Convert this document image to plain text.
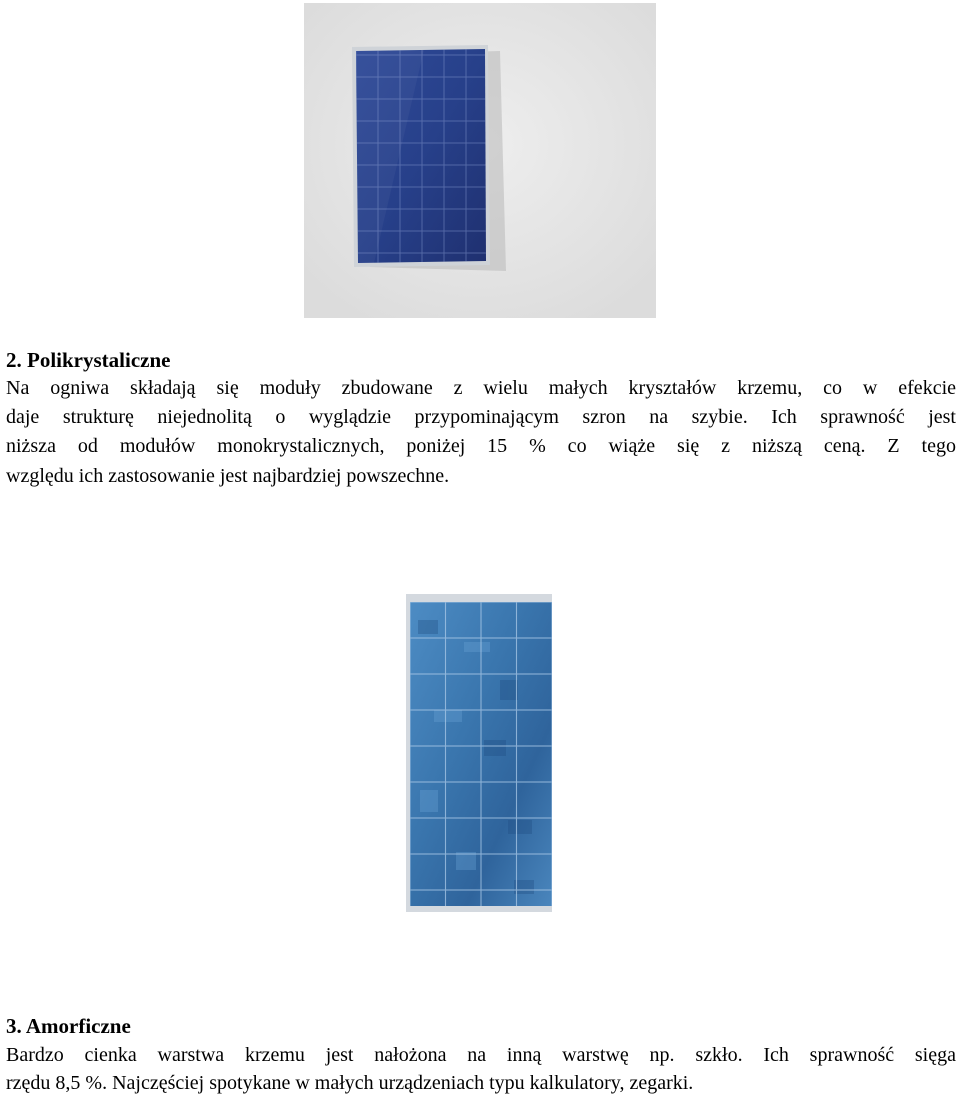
2. Polikrystaliczne

Na ogniwa składają się moduły zbudowane z wielu małych kryształów krzemu, co w efekcie
daje strukturę niejednolitą o wyglądzie przypominającym szron na szybie. Ich sprawność jest
niższa od modułów monokrystalicznych, poniżej 15 % co wiąże się z niższą ceną. Z tego
względu ich zastosowanie jest najbardziej powszechne.

3. Amorficzne

Bardzo cienka warstwa krzemu jest nałożona na inną warstwę np. szkło. Ich sprawność sięga
rzędu 8,5 %. Najczęściej spotykane w małych urządzeniach typu kalkulatory, zegarki.
